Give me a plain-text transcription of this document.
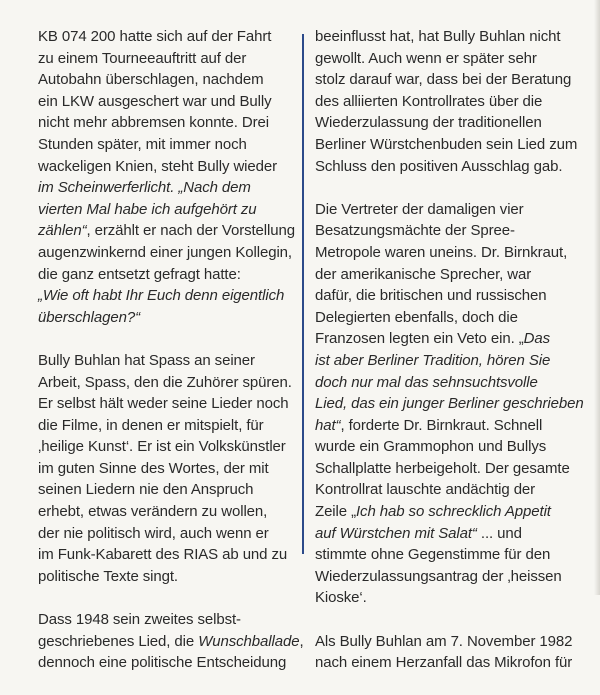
KB 074 200 hatte sich auf der Fahrt
zu einem Tourneeauftritt auf der
Autobahn überschlagen, nachdem
ein LKW ausgeschert war und Bully
nicht mehr abbremsen konnte. Drei
Stunden später, mit immer noch
wackeligen Knien, steht Bully wieder
im Scheinwerferlicht. „Nach dem
vierten Mal habe ich aufgehört zu
zählen“, erzählt er nach der Vorstellung
augenzwinkernd einer jungen Kollegin,
die ganz entsetzt gefragt hatte:
„Wie oft habt Ihr Euch denn eigentlich
überschlagen?“

Bully Buhlan hat Spass an seiner
Arbeit, Spass, den die Zuhörer spüren.
Er selbst hält weder seine Lieder noch
die Filme, in denen er mitspielt, für
‚heilige Kunst‘. Er ist ein Volkskünstler
im guten Sinne des Wortes, der mit
seinen Liedern nie den Anspruch
erhebt, etwas verändern zu wollen,
der nie politisch wird, auch wenn er
im Funk-Kabarett des RIAS ab und zu
politische Texte singt.

Dass 1948 sein zweites selbst-
geschriebenes Lied, die Wunschballade,
dennoch eine politische Entscheidung

beeinflusst hat, hat Bully Buhlan nicht
gewollt. Auch wenn er später sehr
stolz darauf war, dass bei der Beratung
des alliierten Kontrollrates über die
Wiederzulassung der traditionellen
Berliner Würstchenbuden sein Lied zum
Schluss den positiven Ausschlag gab.

Die Vertreter der damaligen vier
Besatzungsmächte der Spree-
Metropole waren uneins. Dr. Birnkraut,
der amerikanische Sprecher, war
dafür, die britischen und russischen
Delegierten ebenfalls, doch die
Franzosen legten ein Veto ein. „Das
ist aber Berliner Tradition, hören Sie
doch nur mal das sehnsuchtsvolle
Lied, das ein junger Berliner geschrieben
hat“, forderte Dr. Birnkraut. Schnell
wurde ein Grammophon und Bullys
Schallplatte herbeigeholt. Der gesamte
Kontrollrat lauschte andächtig der
Zeile „Ich hab so schrecklich Appetit
auf Würstchen mit Salat“ ... und
stimmte ohne Gegenstimme für den
Wiederzulassungsantrag der ‚heissen
Kioske‘.

Als Bully Buhlan am 7. November 1982
nach einem Herzanfall das Mikrofon für
